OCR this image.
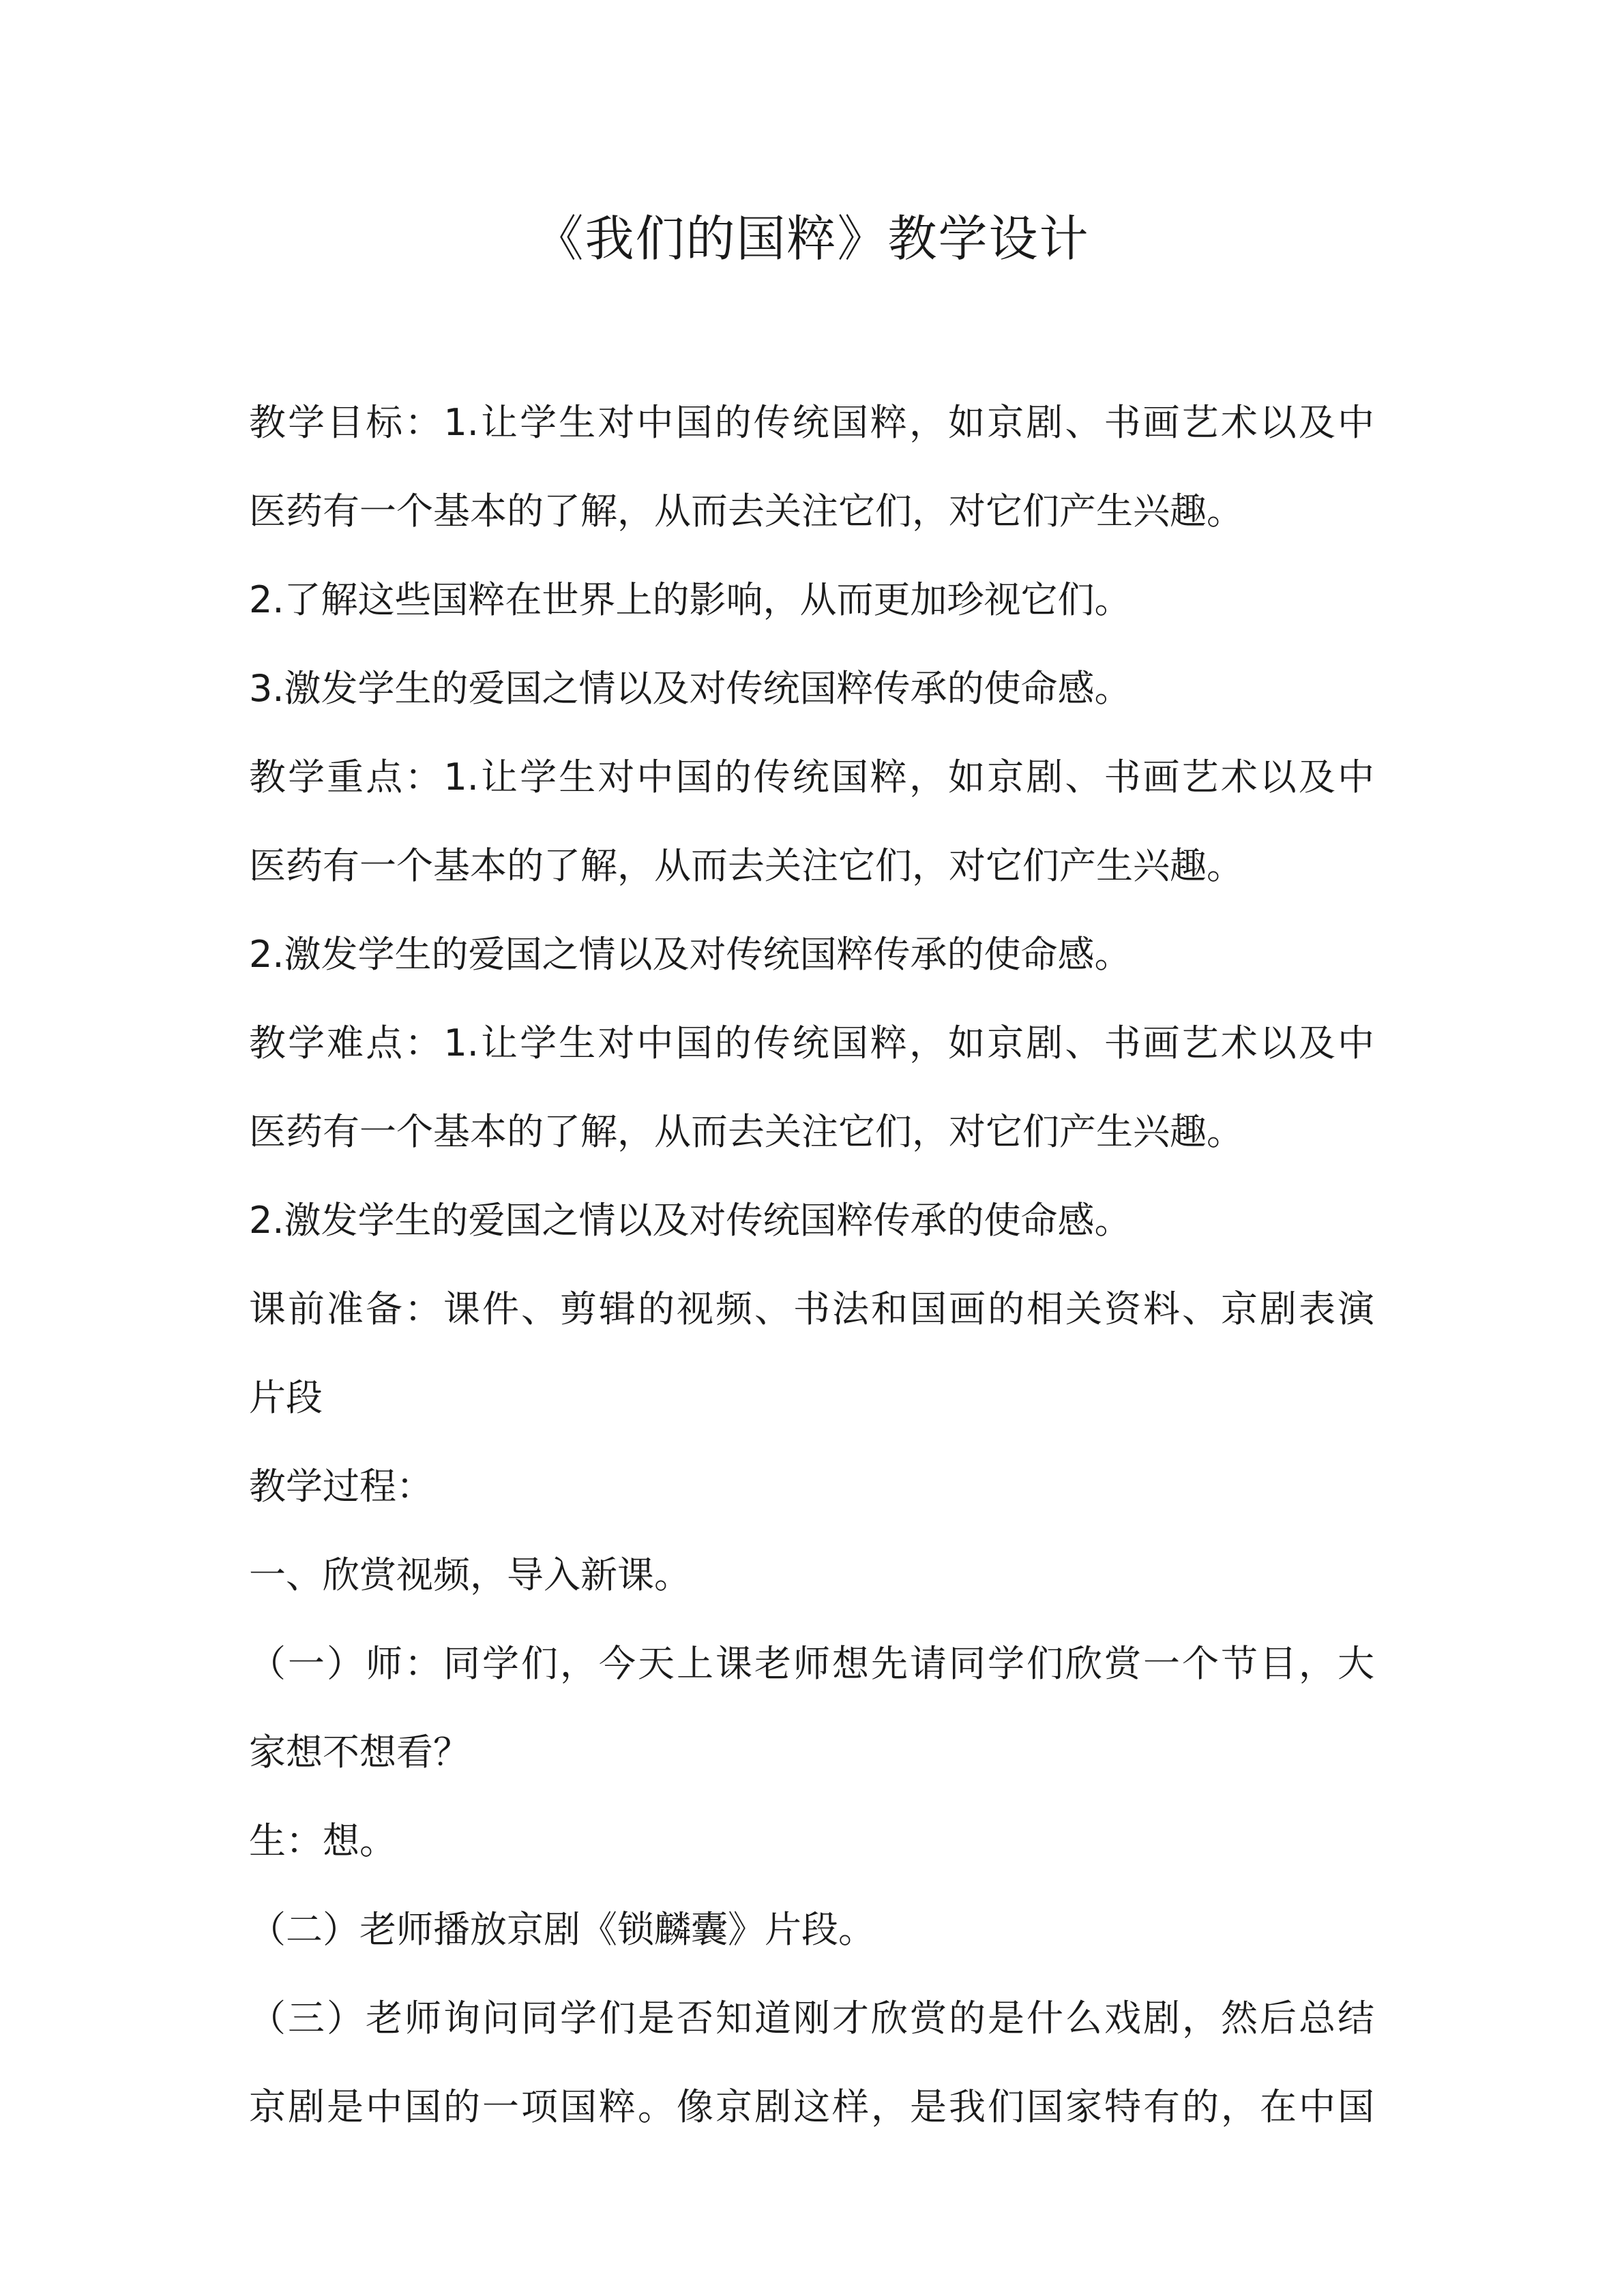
《我们的国粹》教学设计
教学目标：1.让学生对中国的传统国粹，如京剧、书画艺术以及中
医药有一个基本的了解，从而去关注它们，对它们产生兴趣。
2.了解这些国粹在世界上的影响，从而更加珍视它们。
3.激发学生的爱国之情以及对传统国粹传承的使命感。
教学重点：1.让学生对中国的传统国粹，如京剧、书画艺术以及中
医药有一个基本的了解，从而去关注它们，对它们产生兴趣。
2.激发学生的爱国之情以及对传统国粹传承的使命感。
教学难点：1.让学生对中国的传统国粹，如京剧、书画艺术以及中
医药有一个基本的了解，从而去关注它们，对它们产生兴趣。
2.激发学生的爱国之情以及对传统国粹传承的使命感。
课前准备：课件、剪辑的视频、书法和国画的相关资料、京剧表演
片段
教学过程：
一、欣赏视频，导入新课。
（一）师：同学们，今天上课老师想先请同学们欣赏一个节目，大
家想不想看？
生：想。
（二）老师播放京剧《锁麟囊》片段。
（三）老师询问同学们是否知道刚才欣赏的是什么戏剧，然后总结
京剧是中国的一项国粹。像京剧这样，是我们国家特有的，在中国
